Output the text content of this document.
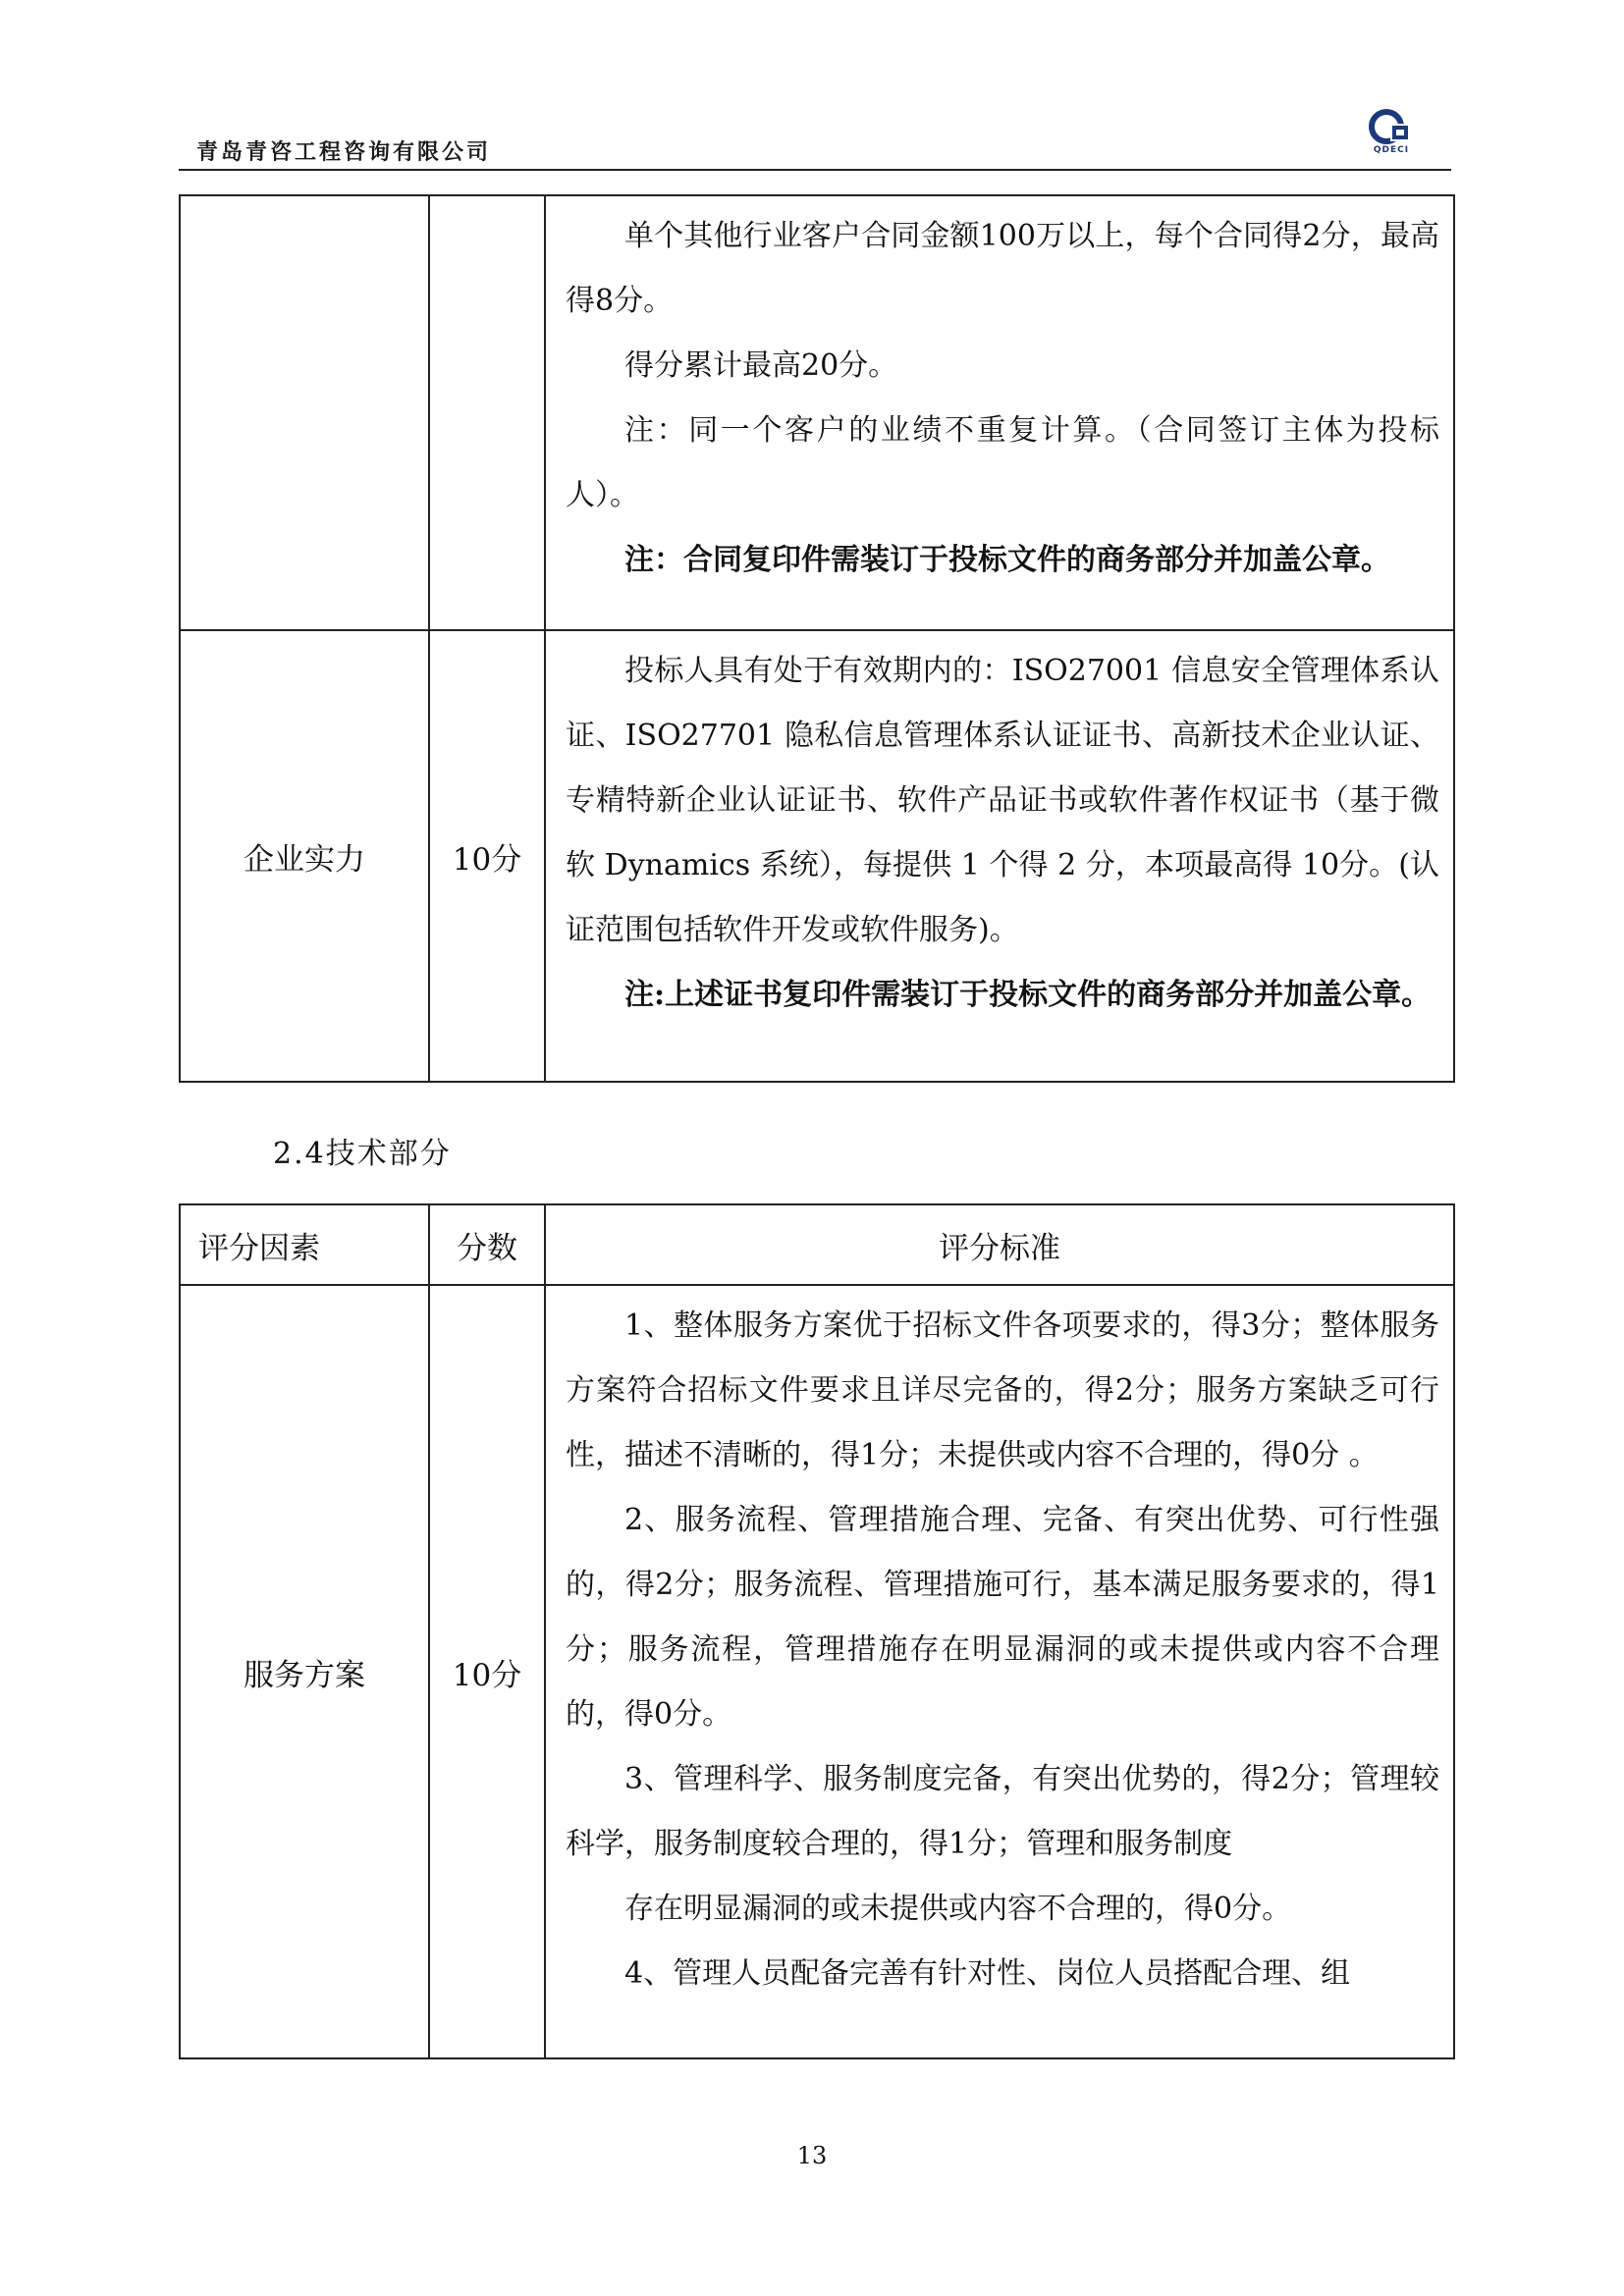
青岛青咨工程咨询有限公司	QDECI

		单个其他行业客户合同金额100万以上，每个合同得2分，最高得8分。

得分累计最高20分。

注：同一个客户的业绩不重复计算。（合同签订主体为投标人）。

注：合同复印件需装订于投标文件的商务部分并加盖公章。

企业实力	10分	投标人具有处于有效期内的：ISO27001 信息安全管理体系认证、ISO27701 隐私信息管理体系认证证书、高新技术企业认证、专精特新企业认证证书、软件产品证书或软件著作权证书（基于微软 Dynamics 系统），每提供 1 个得 2 分，本项最高得 10分。(认证范围包括软件开发或软件服务)。

注:上述证书复印件需装订于投标文件的商务部分并加盖公章。

2.4技术部分
评分因素	分数	评分标准
服务方案	10分	1、整体服务方案优于招标文件各项要求的，得3分；整体服务方案符合招标文件要求且详尽完备的，得2分；服务方案缺乏可行性，描述不清晰的，得1分；未提供或内容不合理的，得0分 。

2、服务流程、管理措施合理、完备、有突出优势、可行性强的，得2分；服务流程、管理措施可行，基本满足服务要求的，得1分；服务流程，管理措施存在明显漏洞的或未提供或内容不合理的，得0分。

3、管理科学、服务制度完备，有突出优势的，得2分；管理较科学，服务制度较合理的，得1分；管理和服务制度

存在明显漏洞的或未提供或内容不合理的，得0分。

4、管理人员配备完善有针对性、岗位人员搭配合理、组

13
